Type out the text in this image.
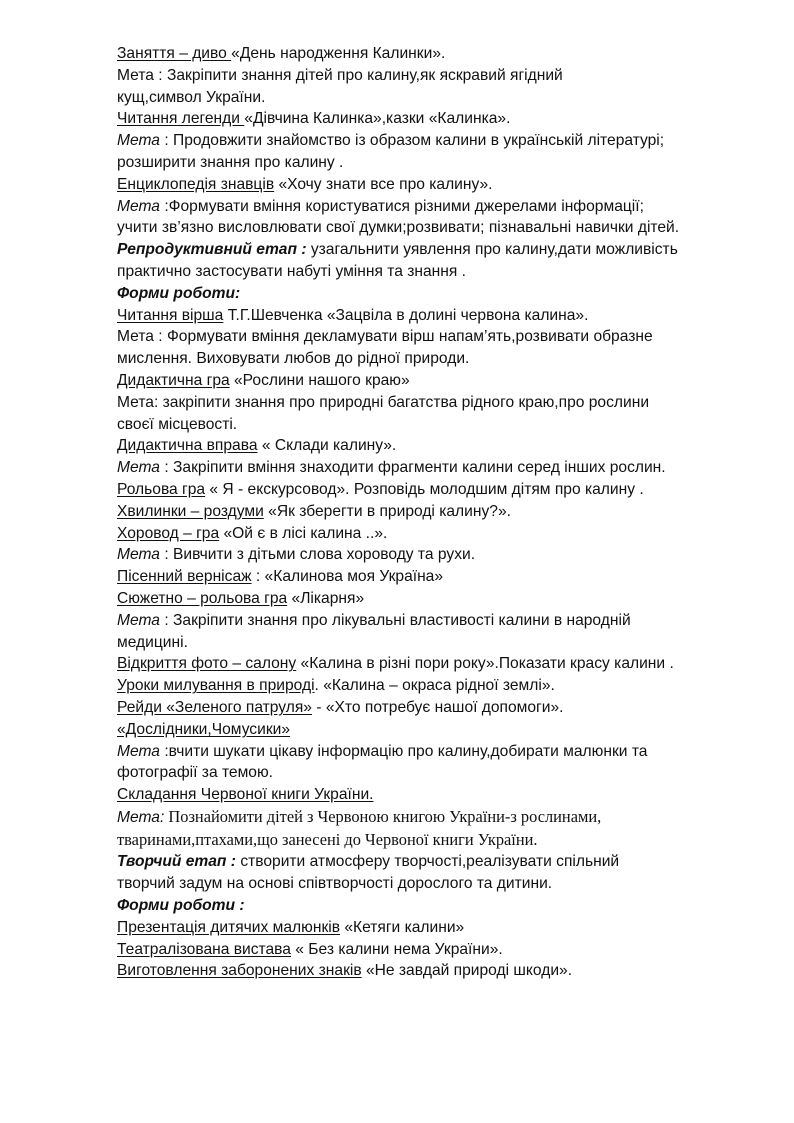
Заняття – диво «День народження Калинки».
Мета : Закріпити знання дітей про калину,як яскравий ягідний
кущ,символ України.
Читання легенди «Дівчина Калинка»,казки «Калинка».
Мета : Продовжити знайомство із образом калини в українській літературі;
розширити знання про калину .
Енциклопедія знавців «Хочу знати все про калину».
Мета :Формувати вміння користуватися різними джерелами інформації;
учити зв’язно висловлювати свої думки;розвивати; пізнавальні навички дітей.
Репродуктивний етап : узагальнити уявлення про калину,дати можливість
практично застосувати набуті уміння та знання .
Форми роботи:
Читання вірша Т.Г.Шевченка «Зацвіла в долині червона калина».
Мета : Формувати вміння декламувати вірш напам’ять,розвивати образне
мислення. Виховувати любов до рідної природи.
Дидактична гра «Рослини нашого краю»
Мета: закріпити знання про природні багатства рідного краю,про рослини
своєї місцевості.
Дидактична вправа « Склади калину».
Мета : Закріпити вміння знаходити фрагменти калини серед інших рослин.
Рольова гра « Я - екскурсовод». Розповідь молодшим дітям про калину .
Хвилинки – роздуми «Як зберегти в природі калину?».
Хоровод – гра «Ой є в лісі калина ..».
Мета : Вивчити з дітьми слова хороводу та рухи.
Пісенний вернісаж : «Калинова моя Україна»
Сюжетно – рольова гра «Лікарня»
Мета : Закріпити знання про лікувальні властивості калини в народній
медицині.
Відкриття фото – салону «Калина в різні пори року».Показати красу калини .
Уроки милування в природі. «Калина – окраса рідної землі».
Рейди «Зеленого патруля» - «Хто потребує нашої допомоги».
«Дослідники,Чомусики»
Мета :вчити шукати цікаву інформацію про калину,добирати малюнки та
фотографії за темою.
Складання Червоної книги України.
Мета: Познайомити дітей з Червоною книгою України-з рослинами,
тваринами,птахами,що занесені до Червоної книги України.
Творчий етап : створити атмосферу творчості,реалізувати спільний
творчий задум на основі співтворчості дорослого та дитини.
Форми роботи :
Презентація дитячих малюнків «Кетяги калини»
Театралізована вистава « Без калини нема України».
Виготовлення заборонених знаків «Не завдай природі шкоди».
